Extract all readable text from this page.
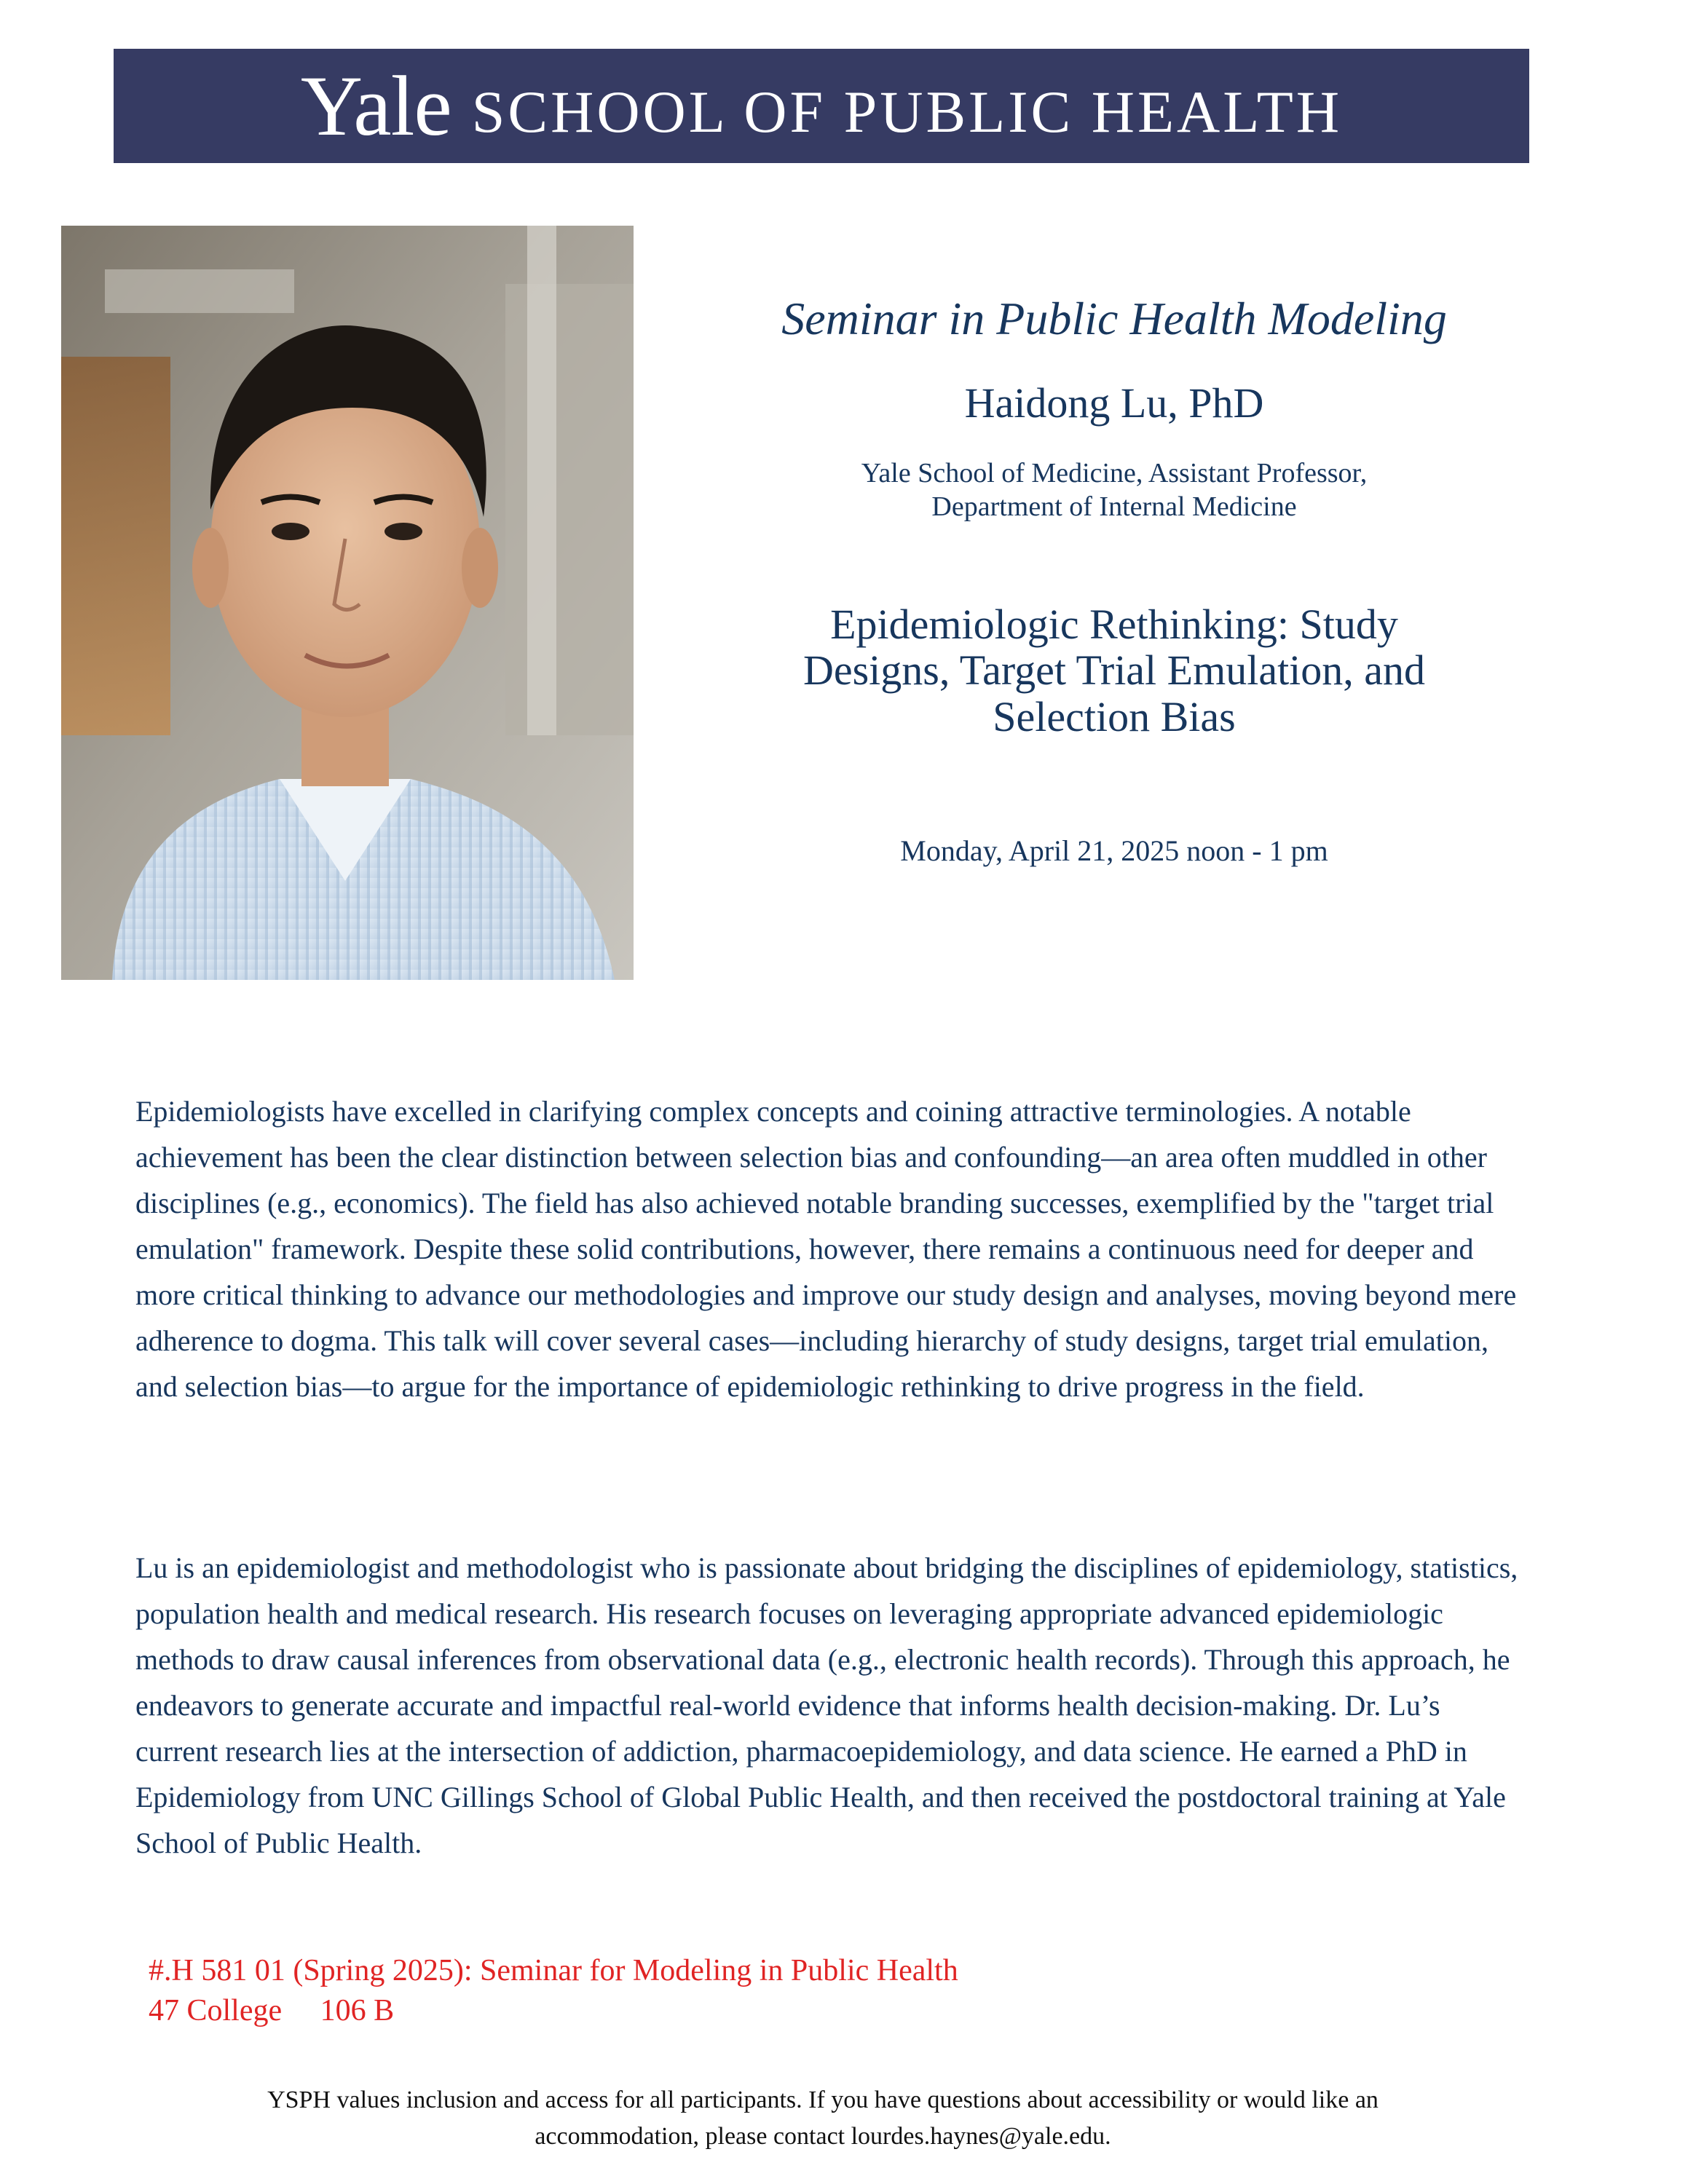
Yale SCHOOL OF PUBLIC HEALTH

Seminar in Public Health Modeling

Haidong Lu, PhD

Yale School of Medicine, Assistant Professor,
Department of Internal Medicine

Epidemiologic Rethinking: Study Designs, Target Trial Emulation, and Selection Bias

Monday, April 21, 2025 noon - 1 pm

Epidemiologists have excelled in clarifying complex concepts and coining attractive terminologies. A notable achievement has been the clear distinction between selection bias and confounding—an area often muddled in other disciplines (e.g., economics). The field has also achieved notable branding successes, exemplified by the "target trial emulation" framework. Despite these solid contributions, however, there remains a continuous need for deeper and more critical thinking to advance our methodologies and improve our study design and analyses, moving beyond mere adherence to dogma. This talk will cover several cases—including hierarchy of study designs, target trial emulation, and selection bias—to argue for the importance of epidemiologic rethinking to drive progress in the field.

Lu is an epidemiologist and methodologist who is passionate about bridging the disciplines of epidemiology, statistics, population health and medical research. His research focuses on leveraging appropriate advanced epidemiologic methods to draw causal inferences from observational data (e.g., electronic health records). Through this approach, he endeavors to generate accurate and impactful real-world evidence that informs health decision-making. Dr. Lu’s current research lies at the intersection of addiction, pharmacoepidemiology, and data science. He earned a PhD in Epidemiology from UNC Gillings School of Global Public Health, and then received the postdoctoral training at Yale School of Public Health.

#.H 581 01 (Spring 2025): Seminar for Modeling in Public Health
47 College     106 B
YSPH values inclusion and access for all participants. If you have questions about accessibility or would like an
accommodation, please contact lourdes.haynes@yale.edu.
